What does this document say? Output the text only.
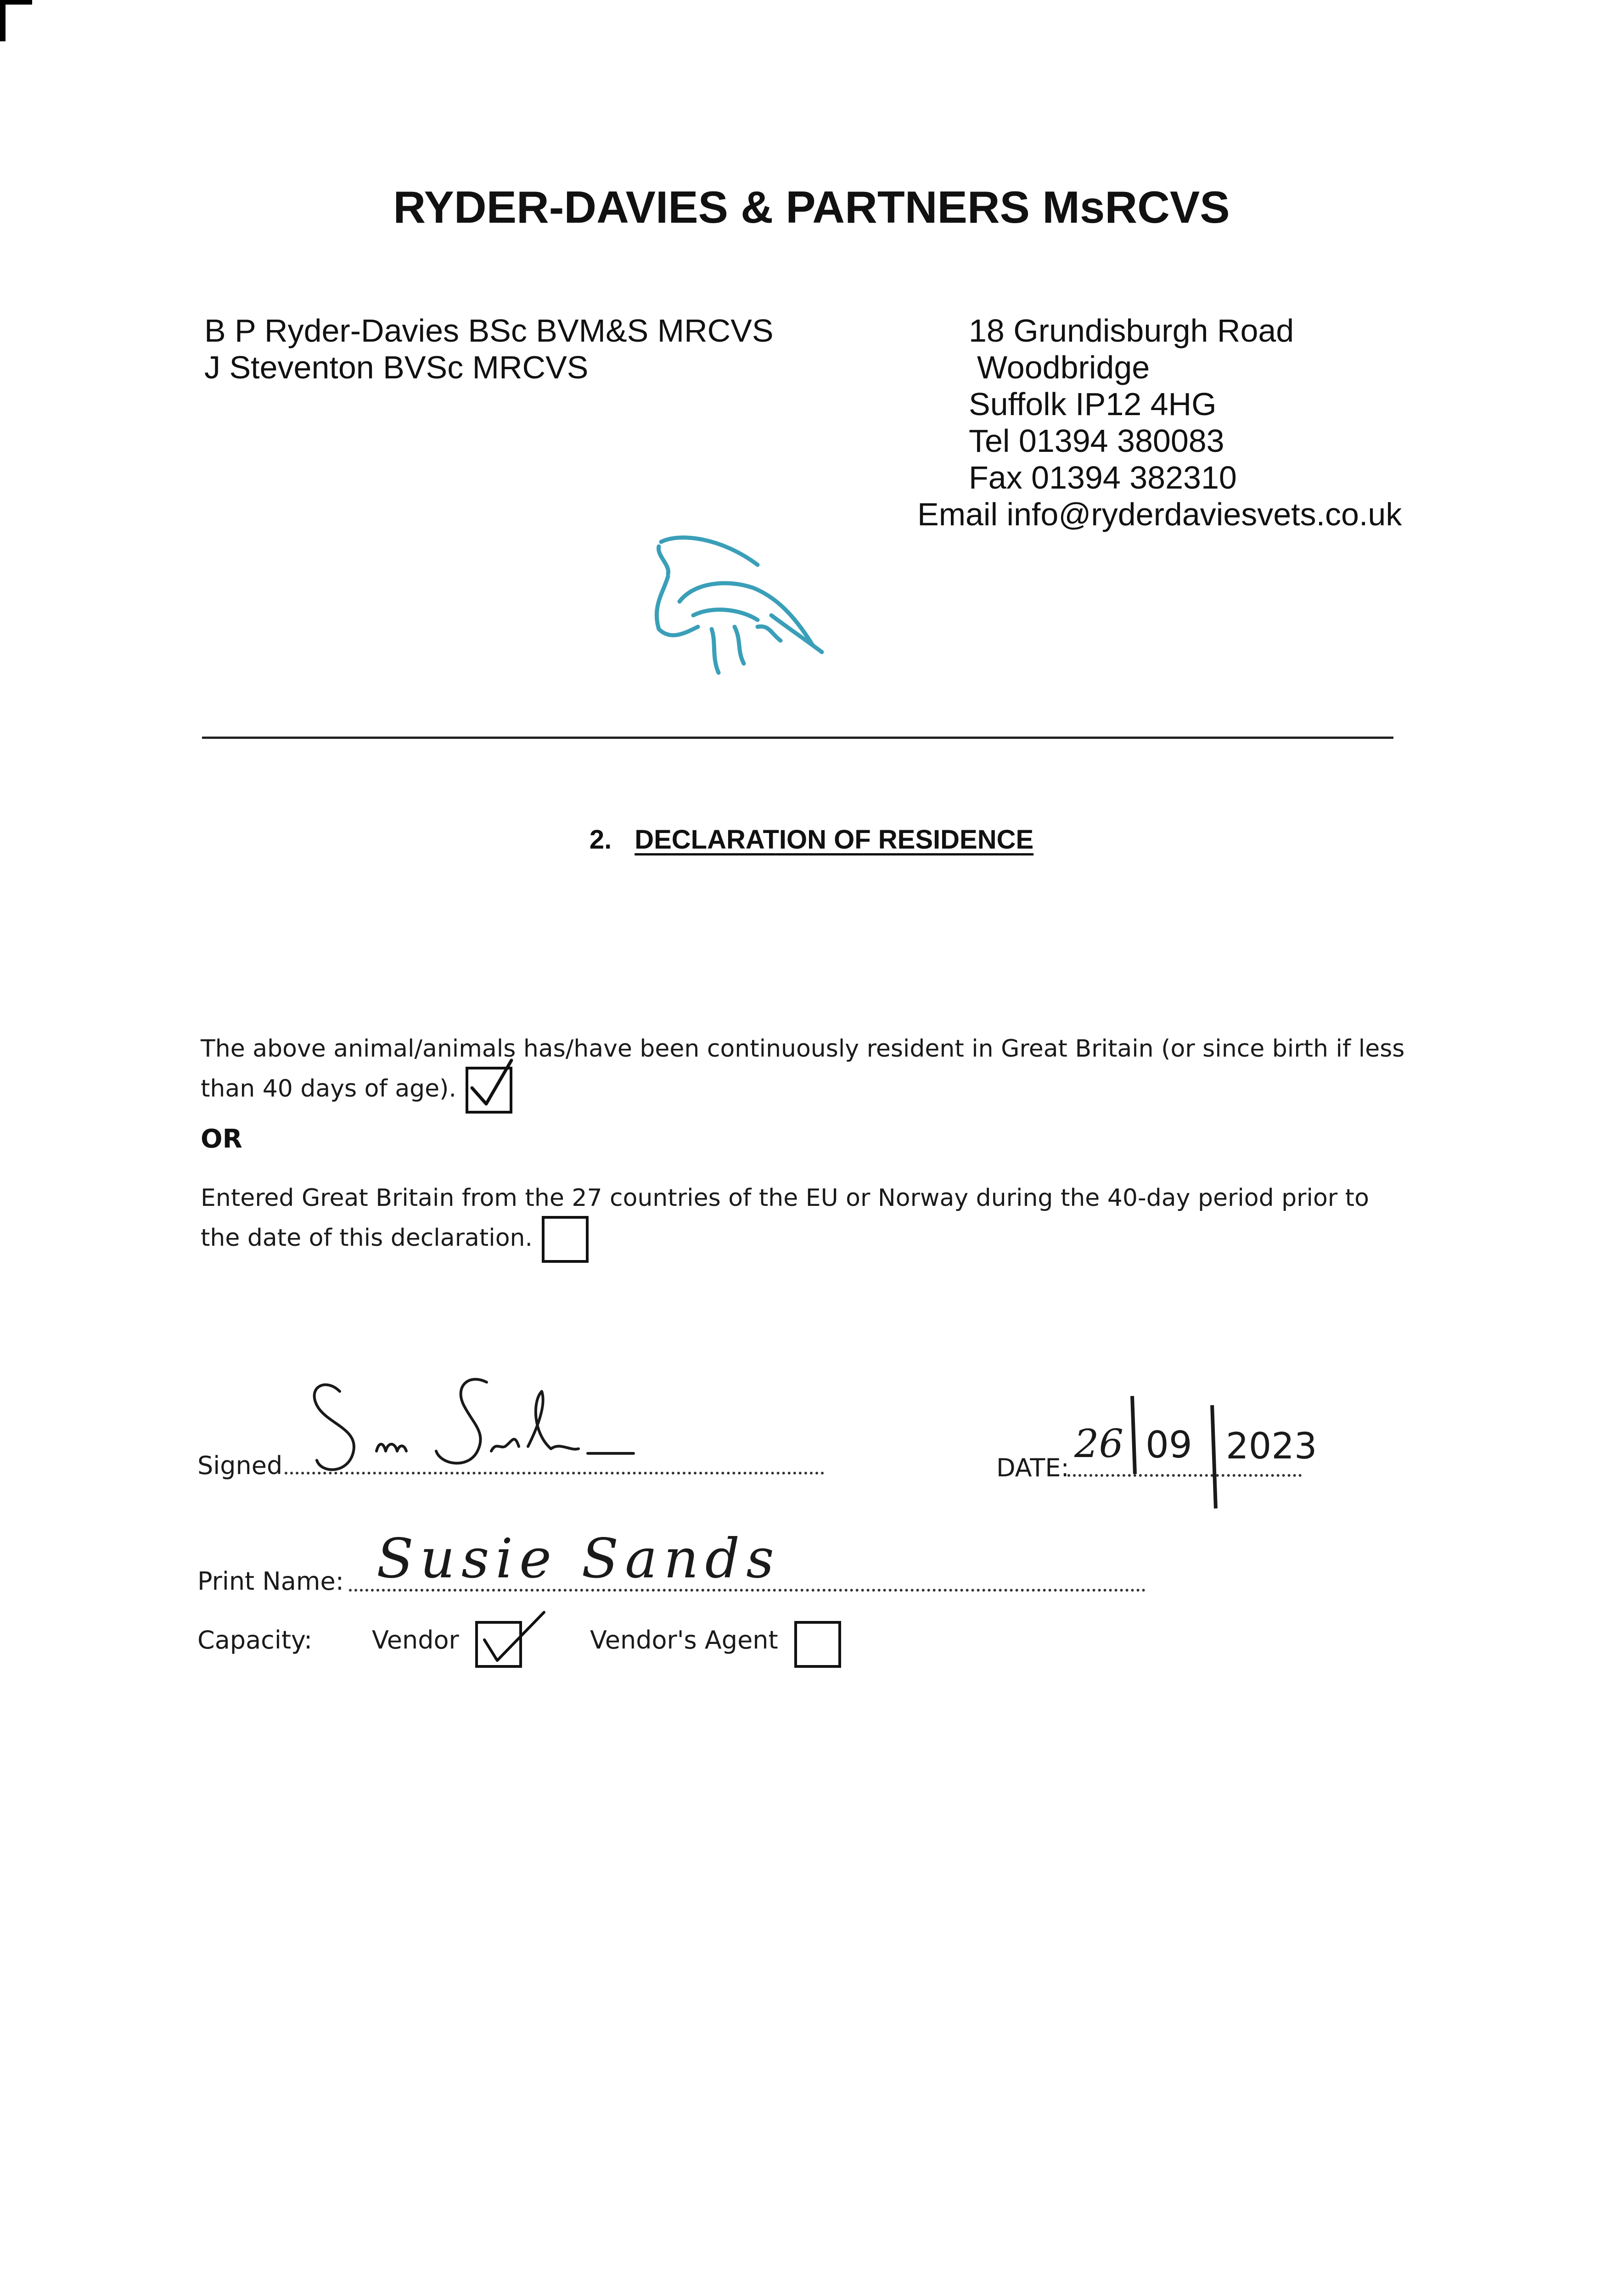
RYDER-DAVIES & PARTNERS MsRCVS
B P Ryder-Davies BSc BVM&S MRCVS
J Steventon BVSc MRCVS
18 Grundisburgh Road
Woodbridge
Suffolk IP12 4HG
Tel 01394 380083
Fax 01394 382310
Email info@ryderdaviesvets.co.uk
2. DECLARATION OF RESIDENCE
The above animal/animals has/have been continuously resident in Great Britain (or since birth if less than 40 days of age).
OR
Entered Great Britain from the 27 countries of the EU or Norway during the 40-day period prior to the date of this declaration.
Signed	DATE:
26 09 2023
Print Name: Susie Sands
Capacity: Vendor	Vendor's Agent
